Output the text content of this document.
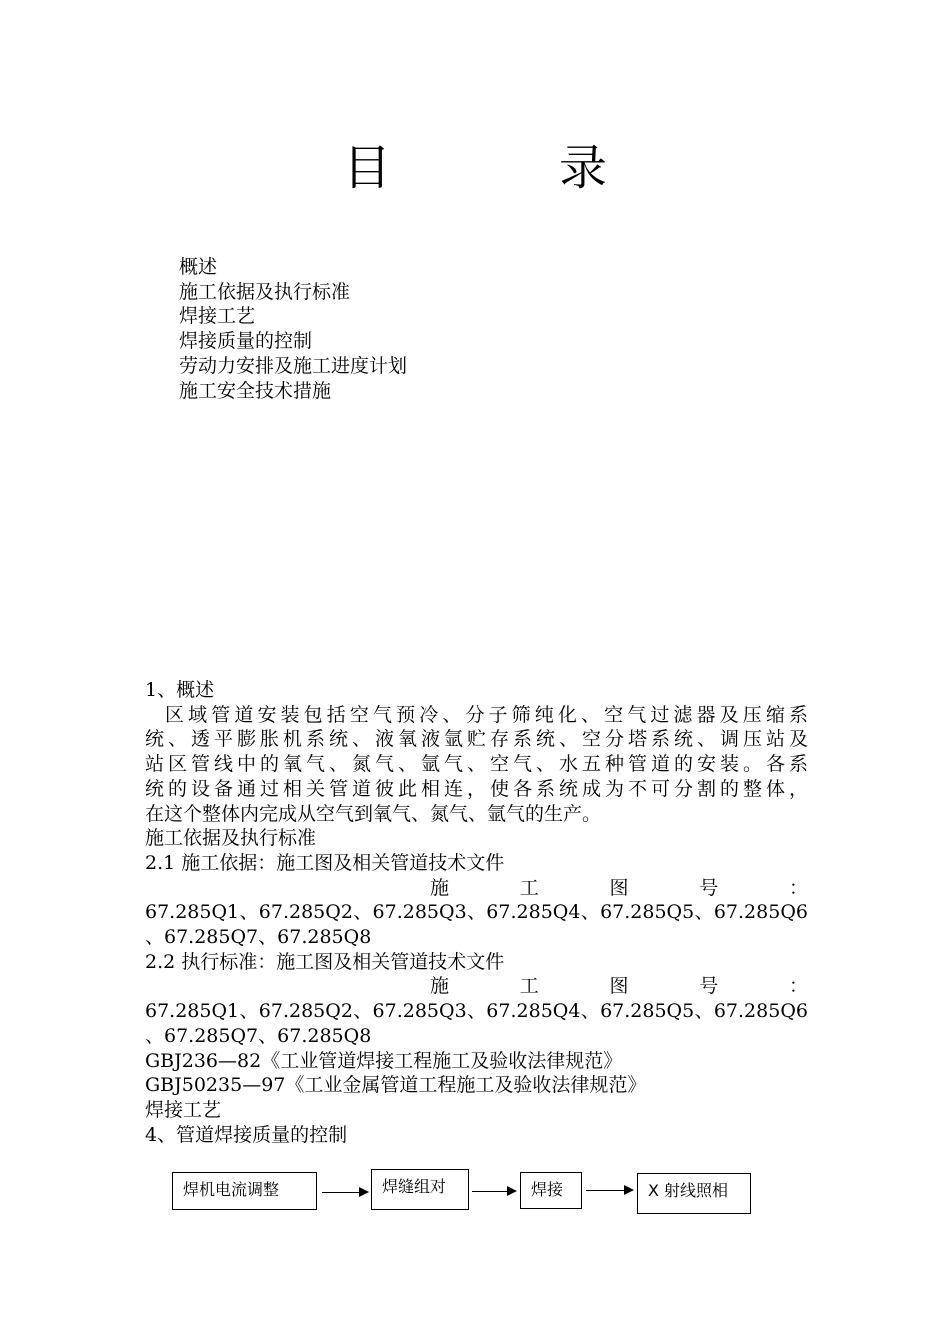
目　录
概述
施工依据及执行标准
焊接工艺
焊接质量的控制
劳动力安排及施工进度计划
施工安全技术措施
1、概述
区域管道安装包括空气预冷、分子筛纯化、空气过滤器及压缩系
统、透平膨胀机系统、液氧液氩贮存系统、空分塔系统、调压站及
站区管线中的氧气、氮气、氩气、空气、水五种管道的安装。各系
统的设备通过相关管道彼此相连，使各系统成为不可分割的整体，
在这个整体内完成从空气到氧气、氮气、氩气的生产。
施工依据及执行标准
2.1 施工依据：施工图及相关管道技术文件
施　　工　　图　　号　　：
67.285Q1、67.285Q2、67.285Q3、67.285Q4、67.285Q5、67.285Q6
、67.285Q7、67.285Q8
2.2 执行标准：施工图及相关管道技术文件
施　　工　　图　　号　　：
67.285Q1、67.285Q2、67.285Q3、67.285Q4、67.285Q5、67.285Q6
、67.285Q7、67.285Q8
GBJ236—82《工业管道焊接工程施工及验收法律规范》
GBJ50235—97《工业金属管道工程施工及验收法律规范》
焊接工艺
4、管道焊接质量的控制
焊机电流调整	焊缝组对	焊接	X 射线照相
